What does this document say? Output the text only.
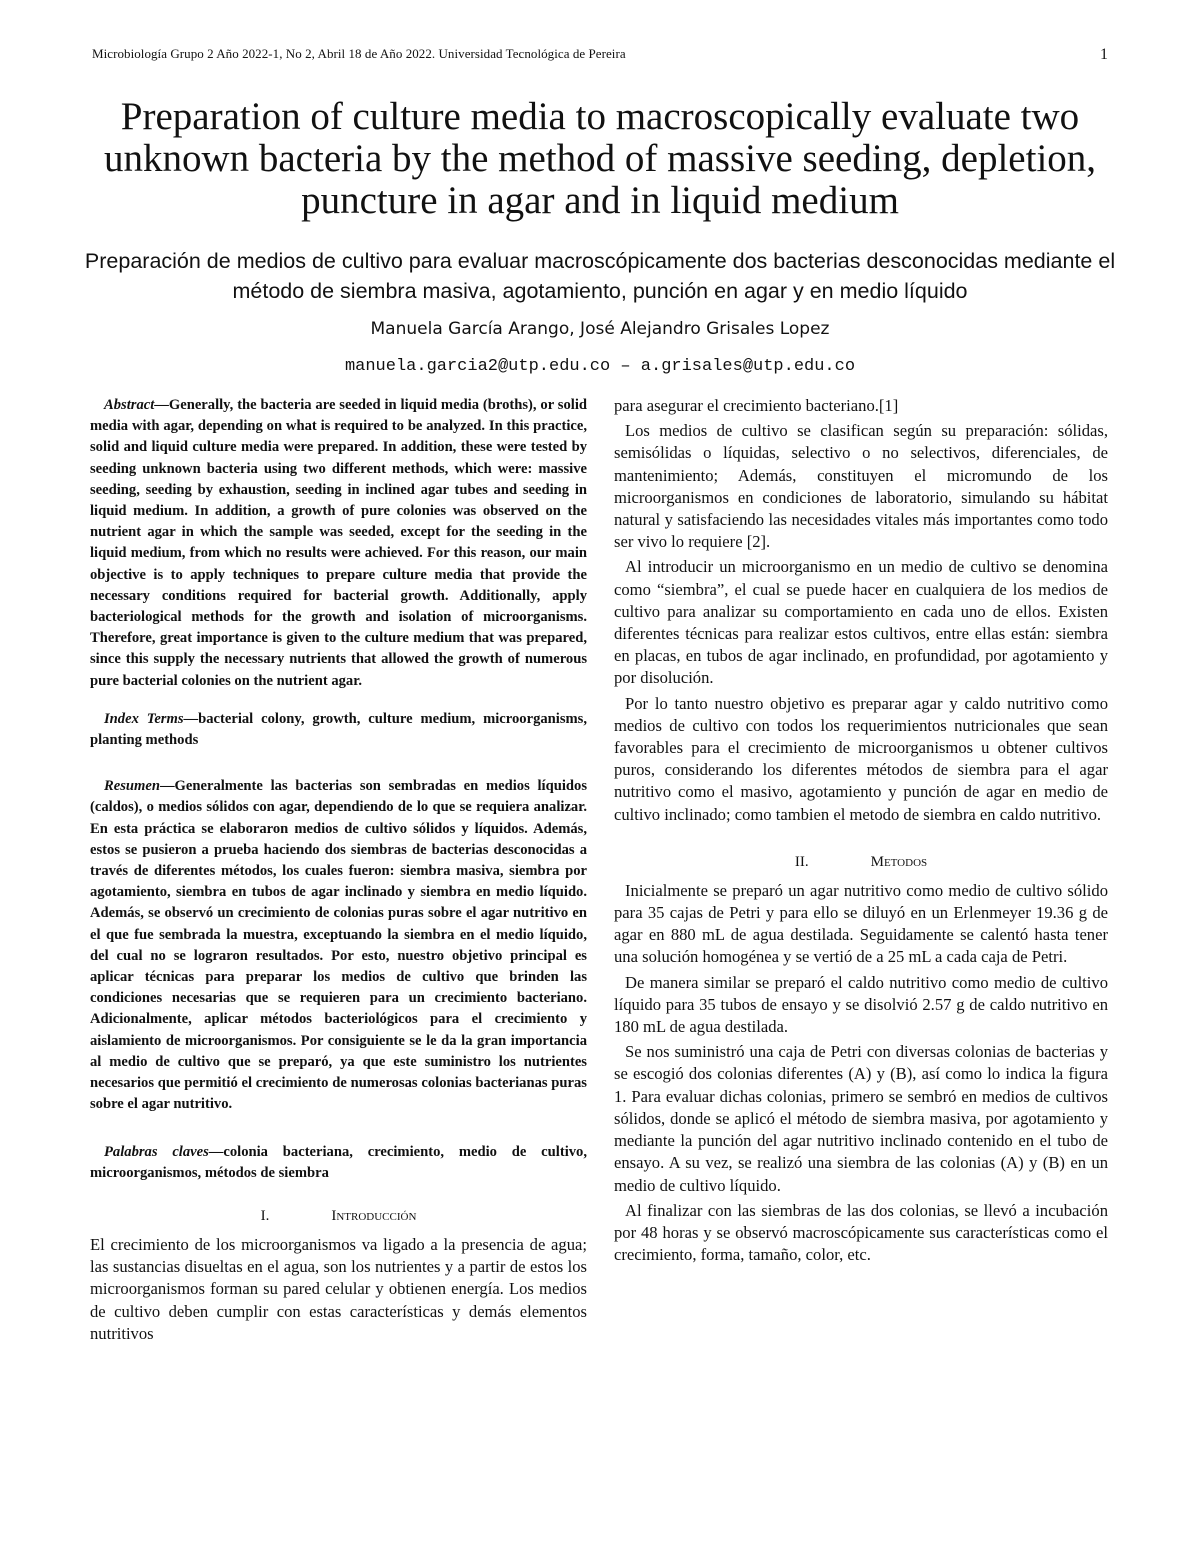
Microbiología Grupo 2 Año 2022-1, No 2, Abril 18 de Año 2022. Universidad Tecnológica de Pereira	1
Preparation of culture media to macroscopically evaluate two unknown bacteria by the method of massive seeding, depletion, puncture in agar and in liquid medium
Preparación de medios de cultivo para evaluar macroscópicamente dos bacterias desconocidas mediante el método de siembra masiva, agotamiento, punción en agar y en medio líquido
Manuela García Arango, José Alejandro Grisales Lopez
manuela.garcia2@utp.edu.co – a.grisales@utp.edu.co

Abstract—Generally, the bacteria are seeded in liquid media (broths), or solid media with agar, depending on what is required to be analyzed. In this practice, solid and liquid culture media were prepared. In addition, these were tested by seeding unknown bacteria using two different methods, which were: massive seeding, seeding by exhaustion, seeding in inclined agar tubes and seeding in liquid medium. In addition, a growth of pure colonies was observed on the nutrient agar in which the sample was seeded, except for the seeding in the liquid medium, from which no results were achieved. For this reason, our main objective is to apply techniques to prepare culture media that provide the necessary conditions required for bacterial growth. Additionally, apply bacteriological methods for the growth and isolation of microorganisms. Therefore, great importance is given to the culture medium that was prepared, since this supply the necessary nutrients that allowed the growth of numerous pure bacterial colonies on the nutrient agar.

Index Terms—bacterial colony, growth, culture medium, microorganisms, planting methods

Resumen—Generalmente las bacterias son sembradas en medios líquidos (caldos), o medios sólidos con agar, dependiendo de lo que se requiera analizar. En esta práctica se elaboraron medios de cultivo sólidos y líquidos. Además, estos se pusieron a prueba haciendo dos siembras de bacterias desconocidas a través de diferentes métodos, los cuales fueron: siembra masiva, siembra por agotamiento, siembra en tubos de agar inclinado y siembra en medio líquido. Además, se observó un crecimiento de colonias puras sobre el agar nutritivo en el que fue sembrada la muestra, exceptuando la siembra en el medio líquido, del cual no se lograron resultados. Por esto, nuestro objetivo principal es aplicar técnicas para preparar los medios de cultivo que brinden las condiciones necesarias que se requieren para un crecimiento bacteriano. Adicionalmente, aplicar métodos bacteriológicos para el crecimiento y aislamiento de microorganismos. Por consiguiente se le da la gran importancia al medio de cultivo que se preparó, ya que este suministro los nutrientes necesarios que permitió el crecimiento de numerosas colonias bacterianas puras sobre el agar nutritivo.

Palabras claves—colonia bacteriana, crecimiento, medio de cultivo, microorganismos, métodos de siembra

I.	Introducción

El crecimiento de los microorganismos va ligado a la presencia de agua; las sustancias disueltas en el agua, son los nutrientes y a partir de estos los microorganismos forman su pared celular y obtienen energía. Los medios de cultivo deben cumplir con estas características y demás elementos nutritivos

para asegurar el crecimiento bacteriano.[1]

Los medios de cultivo se clasifican según su preparación: sólidas, semisólidas o líquidas, selectivo o no selectivos, diferenciales, de mantenimiento; Además, constituyen el micromundo de los microorganismos en condiciones de laboratorio, simulando su hábitat natural y satisfaciendo las necesidades vitales más importantes como todo ser vivo lo requiere [2].

Al introducir un microorganismo en un medio de cultivo se denomina como “siembra”, el cual se puede hacer en cualquiera de los medios de cultivo para analizar su comportamiento en cada uno de ellos. Existen diferentes técnicas para realizar estos cultivos, entre ellas están: siembra en placas, en tubos de agar inclinado, en profundidad, por agotamiento y por disolución.

Por lo tanto nuestro objetivo es preparar agar y caldo nutritivo como medios de cultivo con todos los requerimientos nutricionales que sean favorables para el crecimiento de microorganismos u obtener cultivos puros, considerando los diferentes métodos de siembra para el agar nutritivo como el masivo, agotamiento y punción de agar en medio de cultivo inclinado; como tambien el metodo de siembra en caldo nutritivo.

II.	Metodos

Inicialmente se preparó un agar nutritivo como medio de cultivo sólido para 35 cajas de Petri y para ello se diluyó en un Erlenmeyer 19.36 g de agar en 880 mL de agua destilada. Seguidamente se calentó hasta tener una solución homogénea y se vertió de a 25 mL a cada caja de Petri.

De manera similar se preparó el caldo nutritivo como medio de cultivo líquido para 35 tubos de ensayo y se disolvió 2.57 g de caldo nutritivo en 180 mL de agua destilada.

Se nos suministró una caja de Petri con diversas colonias de bacterias y se escogió dos colonias diferentes (A) y (B), así como lo indica la figura 1. Para evaluar dichas colonias, primero se sembró en medios de cultivos sólidos, donde se aplicó el método de siembra masiva, por agotamiento y mediante la punción del agar nutritivo inclinado contenido en el tubo de ensayo. A su vez, se realizó una siembra de las colonias (A) y (B) en un medio de cultivo líquido.

Al finalizar con las siembras de las dos colonias, se llevó a incubación por 48 horas y se observó macroscópicamente sus características como el crecimiento, forma, tamaño, color, etc.
